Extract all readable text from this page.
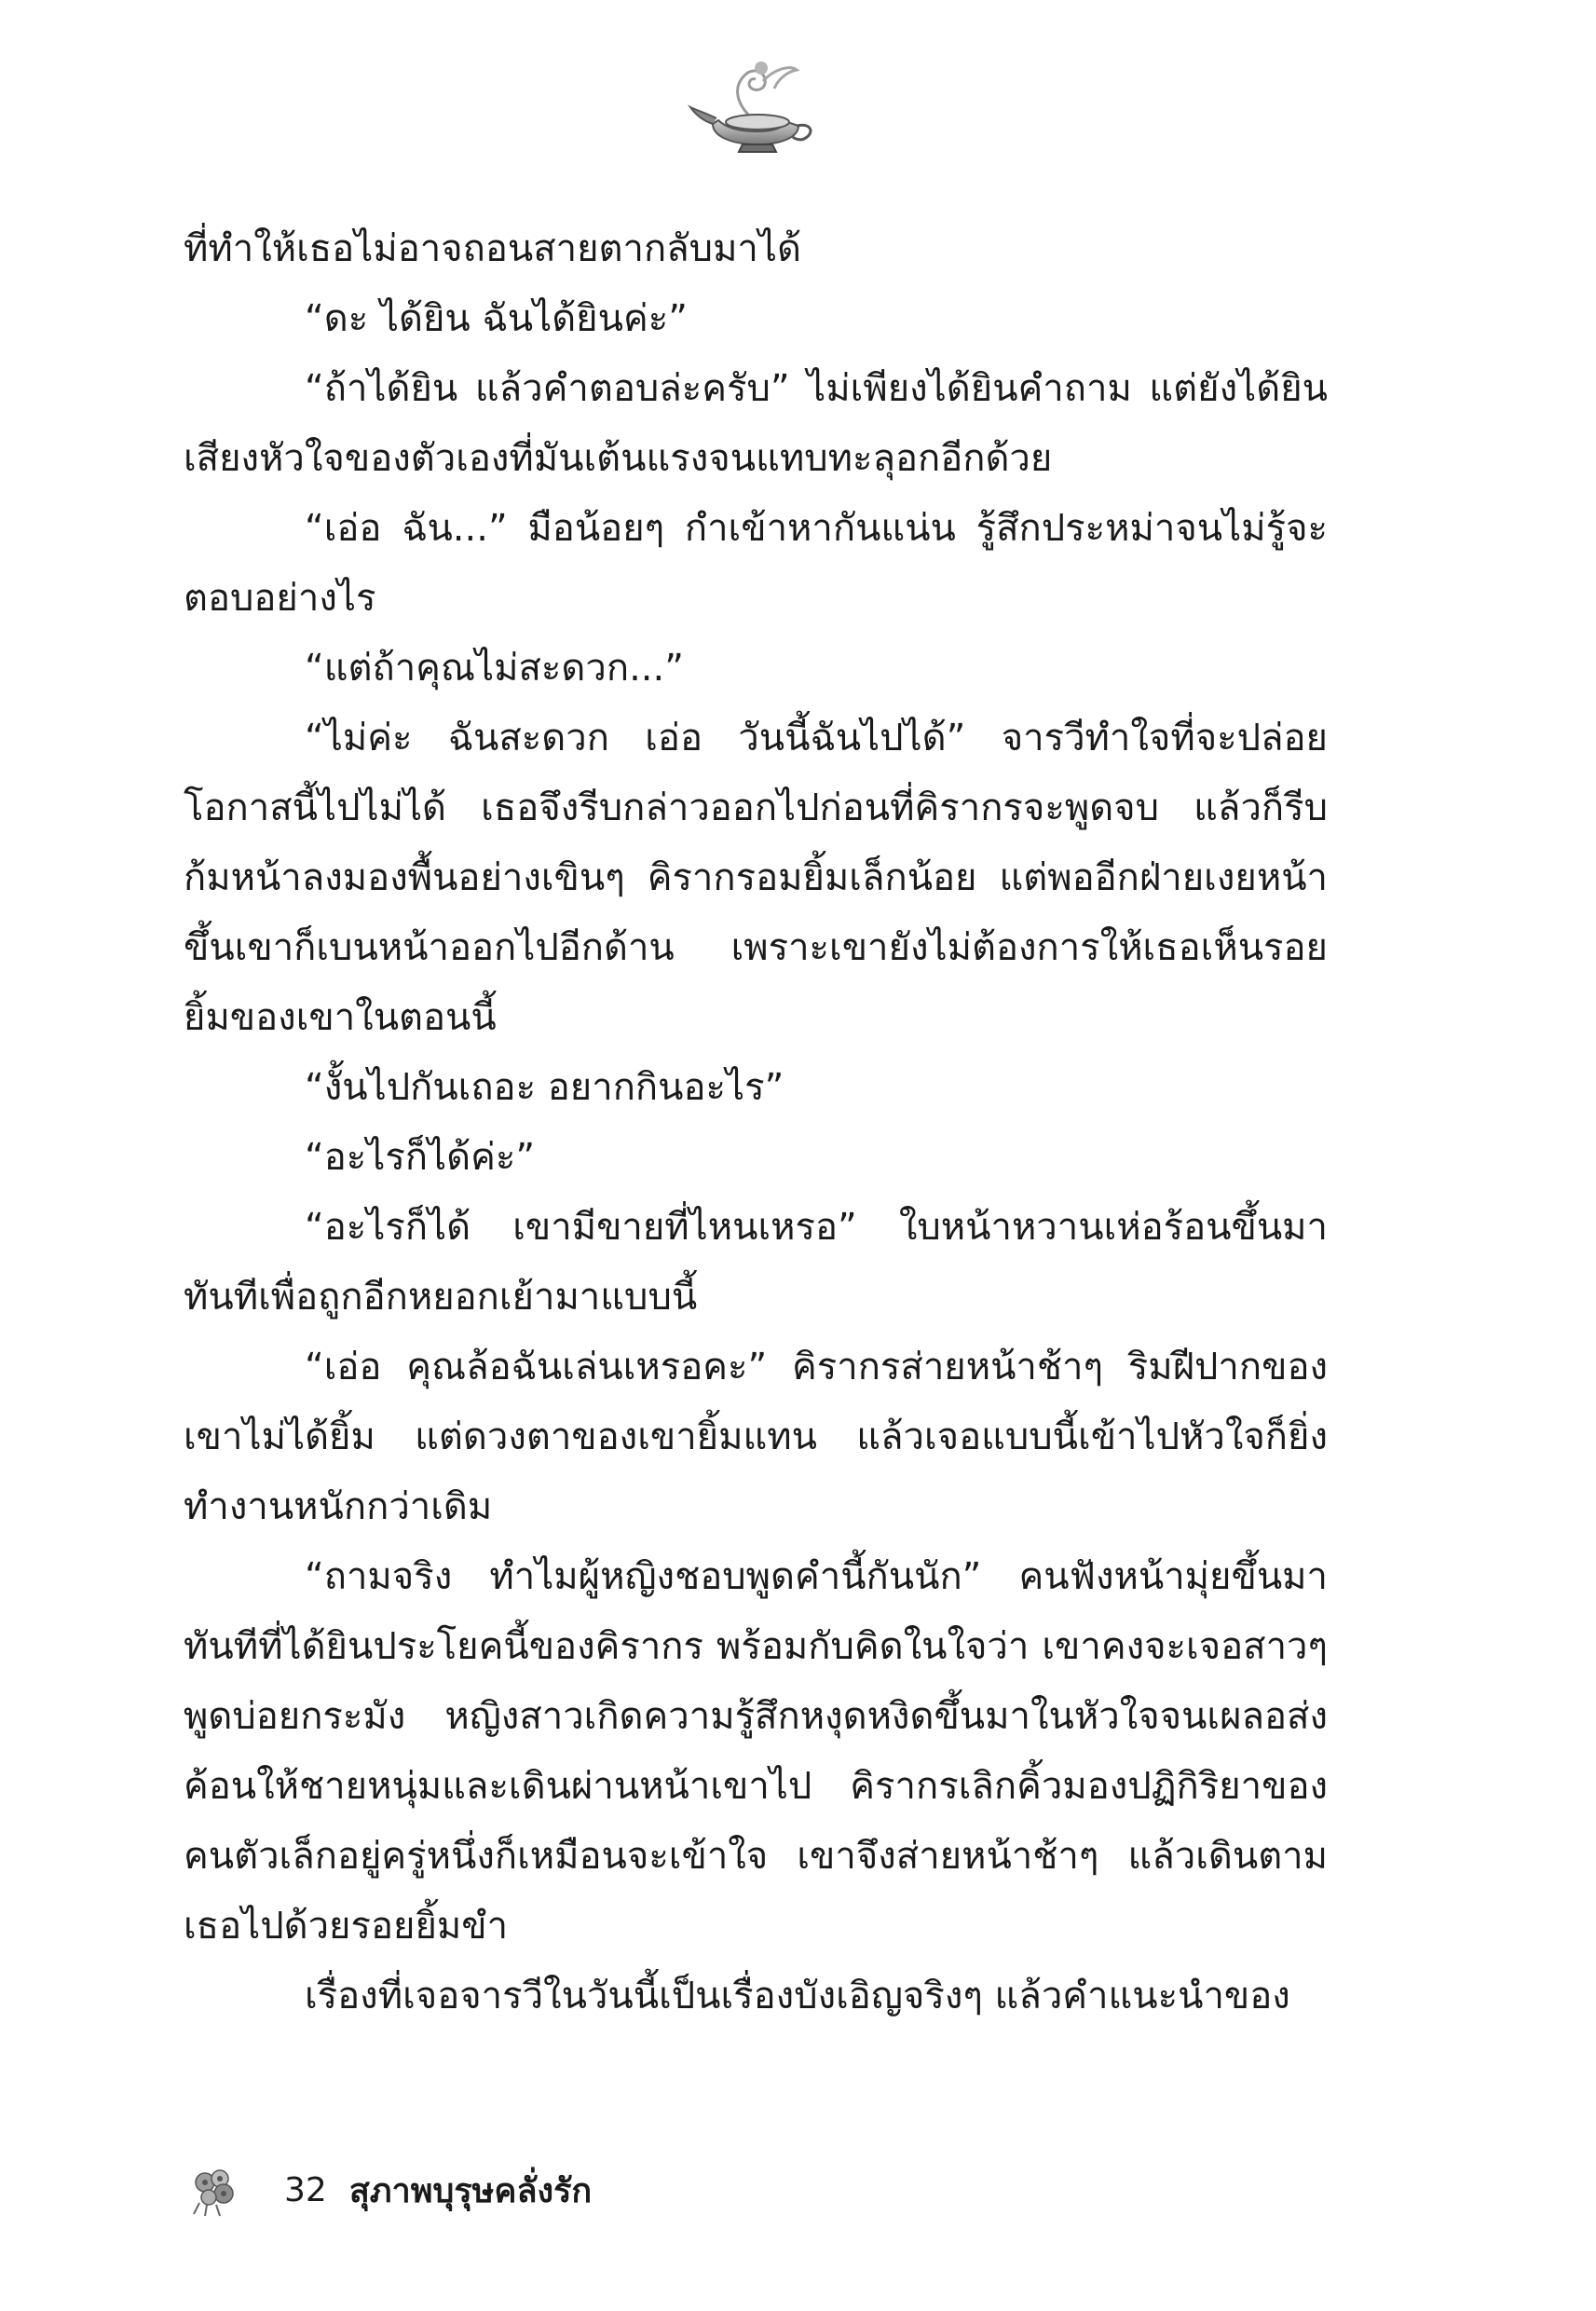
ที่ทำให้เธอไม่อาจถอนสายตากลับมาได้

“ดะ ได้ยิน ฉันได้ยินค่ะ”

“ถ้าได้ยิน แล้วคำตอบล่ะครับ” ไม่เพียงได้ยินคำถาม แต่ยังได้ยินเสียงหัวใจของตัวเองที่มันเต้นแรงจนแทบทะลุอกอีกด้วย

“เอ่อ ฉัน...” มือน้อยๆ กำเข้าหากันแน่น รู้สึกประหม่าจนไม่รู้จะตอบอย่างไร

“แต่ถ้าคุณไม่สะดวก...”

“ไม่ค่ะ ฉันสะดวก เอ่อ วันนี้ฉันไปได้” จารวีทำใจที่จะปล่อยโอกาสนี้ไปไม่ได้ เธอจึงรีบกล่าวออกไปก่อนที่คิรากรจะพูดจบ แล้วก็รีบก้มหน้าลงมองพื้นอย่างเขินๆ คิรากรอมยิ้มเล็กน้อย แต่พออีกฝ่ายเงยหน้าขึ้นเขาก็เบนหน้าออกไปอีกด้าน เพราะเขายังไม่ต้องการให้เธอเห็นรอยยิ้มของเขาในตอนนี้

“งั้นไปกันเถอะ อยากกินอะไร”

“อะไรก็ได้ค่ะ”

“อะไรก็ได้ เขามีขายที่ไหนเหรอ” ใบหน้าหวานเห่อร้อนขึ้นมาทันทีเพื่อถูกอีกหยอกเย้ามาแบบนี้

“เอ่อ คุณล้อฉันเล่นเหรอคะ” คิรากรส่ายหน้าช้าๆ ริมฝีปากของเขาไม่ได้ยิ้ม แต่ดวงตาของเขายิ้มแทน แล้วเจอแบบนี้เข้าไปหัวใจก็ยิ่งทำงานหนักกว่าเดิม

“ถามจริง ทำไมผู้หญิงชอบพูดคำนี้กันนัก” คนฟังหน้ามุ่ยขึ้นมาทันทีที่ได้ยินประโยคนี้ของคิรากร พร้อมกับคิดในใจว่า เขาคงจะเจอสาวๆ พูดบ่อยกระมัง หญิงสาวเกิดความรู้สึกหงุดหงิดขึ้นมาในหัวใจจนเผลอส่งค้อนให้ชายหนุ่มและเดินผ่านหน้าเขาไป คิรากรเลิกคิ้วมองปฏิกิริยาของคนตัวเล็กอยู่ครู่หนึ่งก็เหมือนจะเข้าใจ เขาจึงส่ายหน้าช้าๆ แล้วเดินตามเธอไปด้วยรอยยิ้มขำ

เรื่องที่เจอจารวีในวันนี้เป็นเรื่องบังเอิญจริงๆ แล้วคำแนะนำของ

32 สุภาพบุรุษคลั่งรัก
